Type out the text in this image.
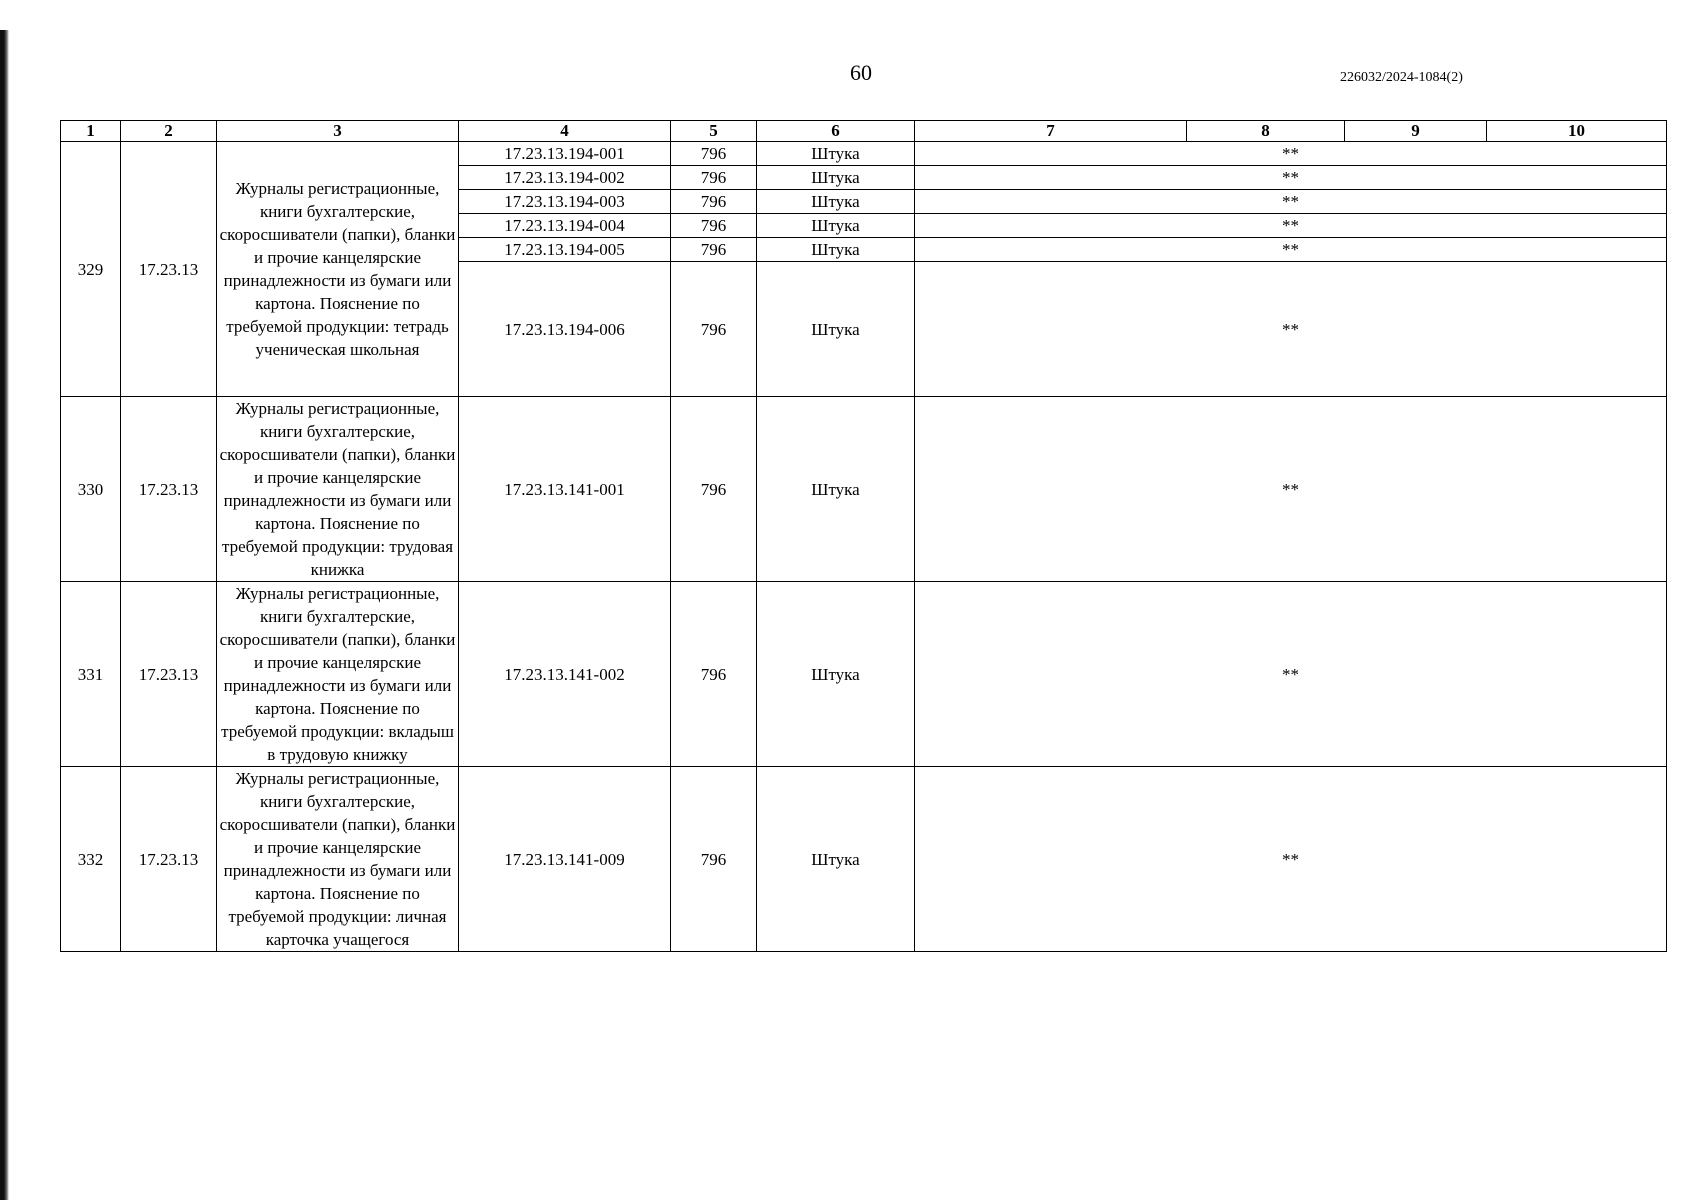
60	226032/2024-1084(2)
1	2	3	4	5	6	7	8	9	10
329	17.23.13	Журналы регистрационные, книги бухгалтерские, скоросшиватели (папки), бланки и прочие канцелярские принадлежности из бумаги или картона. Пояснение по требуемой продукции: тетрадь ученическая школьная	17.23.13.194-001	796	Штука	**			
			17.23.13.194-002	796	Штука	**			
			17.23.13.194-003	796	Штука	**			
			17.23.13.194-004	796	Штука	**			
			17.23.13.194-005	796	Штука	**			
			17.23.13.194-006	796	Штука	**			
330	17.23.13	Журналы регистрационные, книги бухгалтерские, скоросшиватели (папки), бланки и прочие канцелярские принадлежности из бумаги или картона. Пояснение по требуемой продукции: трудовая книжка	17.23.13.141-001	796	Штука	**			
331	17.23.13	Журналы регистрационные, книги бухгалтерские, скоросшиватели (папки), бланки и прочие канцелярские принадлежности из бумаги или картона. Пояснение по требуемой продукции: вкладыш в трудовую книжку	17.23.13.141-002	796	Штука	**			
332	17.23.13	Журналы регистрационные, книги бухгалтерские, скоросшиватели (папки), бланки и прочие канцелярские принадлежности из бумаги или картона. Пояснение по требуемой продукции: личная карточка учащегося	17.23.13.141-009	796	Штука	**			
